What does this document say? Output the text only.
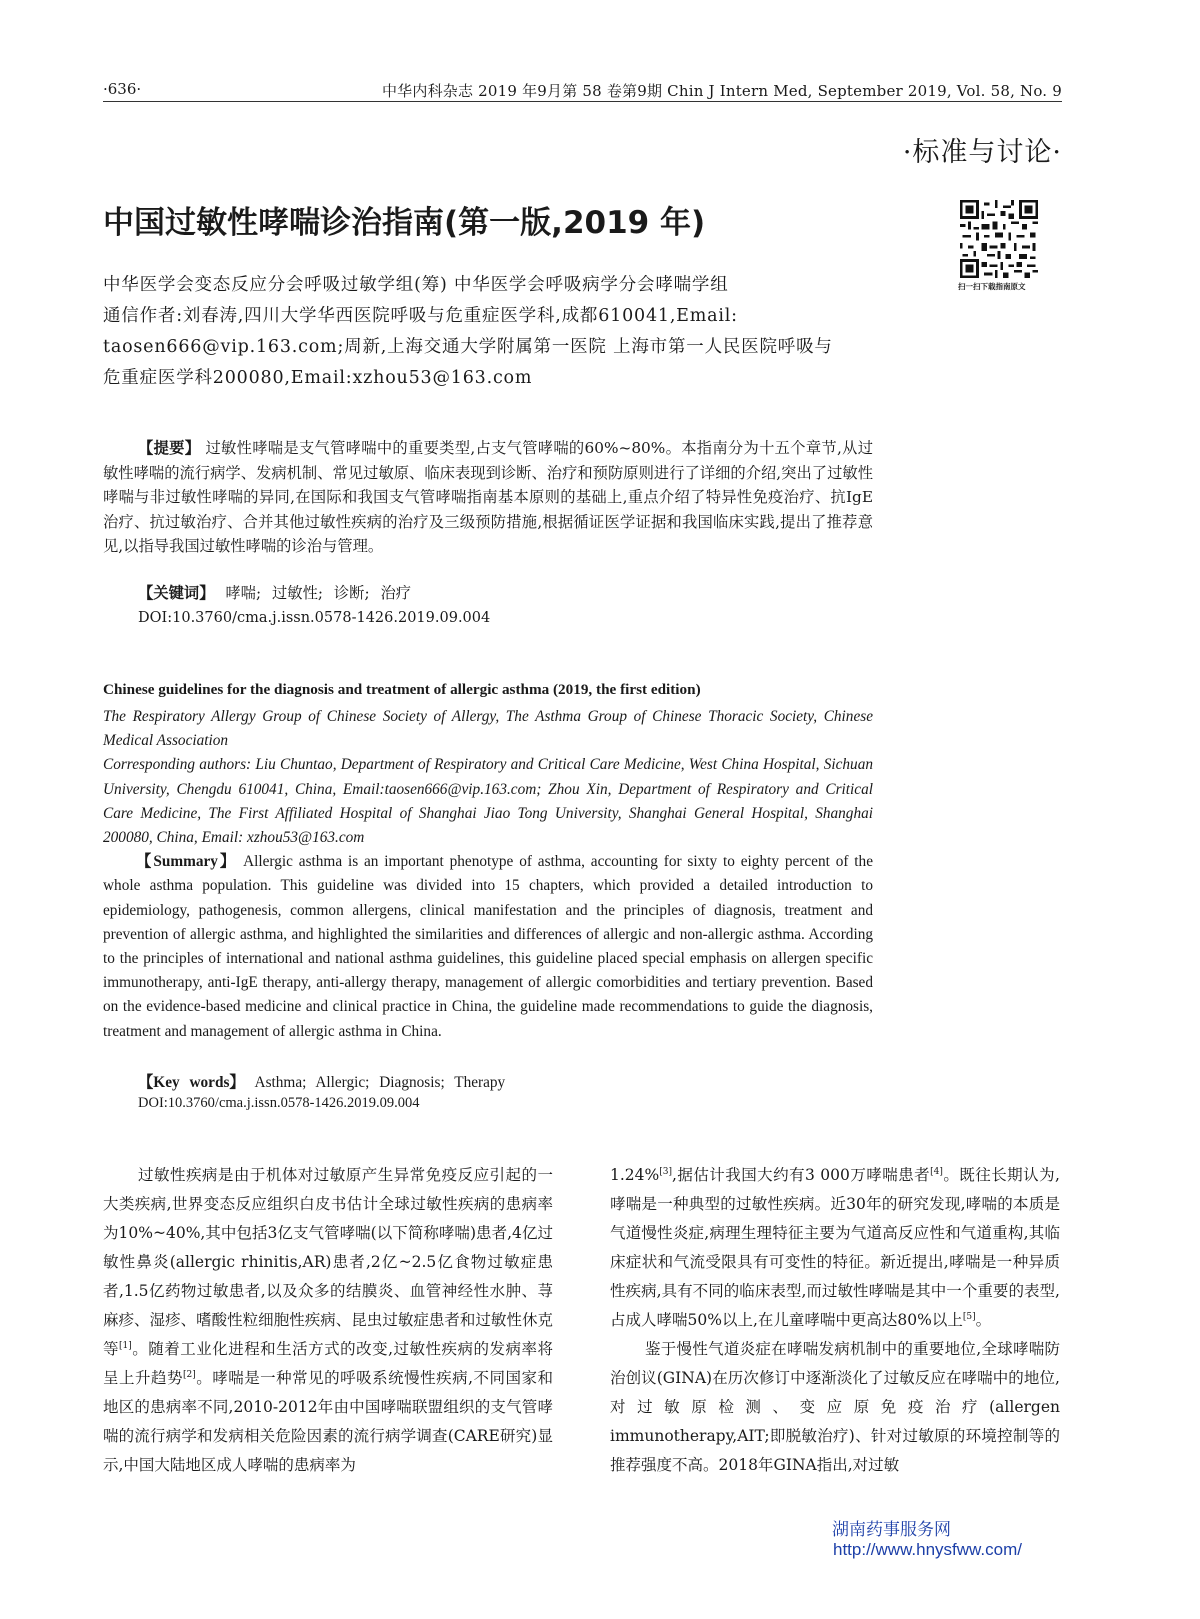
·636·	中华内科杂志 2019 年9月第 58 卷第9期 Chin J Intern Med, September 2019, Vol. 58, No. 9
·标准与讨论·
中国过敏性哮喘诊治指南(第一版,2019 年)
扫一扫下载指南原文
中华医学会变态反应分会呼吸过敏学组(筹) 中华医学会呼吸病学分会哮喘学组
通信作者:刘春涛,四川大学华西医院呼吸与危重症医学科,成都610041,Email:
taosen666@vip.163.com;周新,上海交通大学附属第一医院 上海市第一人民医院呼吸与
危重症医学科200080,Email:xzhou53@163.com
【提要】 过敏性哮喘是支气管哮喘中的重要类型,占支气管哮喘的60%~80%。本指南分为十五个章节,从过敏性哮喘的流行病学、发病机制、常见过敏原、临床表现到诊断、治疗和预防原则进行了详细的介绍,突出了过敏性哮喘与非过敏性哮喘的异同,在国际和我国支气管哮喘指南基本原则的基础上,重点介绍了特异性免疫治疗、抗IgE治疗、抗过敏治疗、合并其他过敏性疾病的治疗及三级预防措施,根据循证医学证据和我国临床实践,提出了推荐意见,以指导我国过敏性哮喘的诊治与管理。
【关键词】 哮喘; 过敏性; 诊断; 治疗
DOI:10.3760/cma.j.issn.0578-1426.2019.09.004
Chinese guidelines for the diagnosis and treatment of allergic asthma (2019, the first edition)
The Respiratory Allergy Group of Chinese Society of Allergy, The Asthma Group of Chinese Thoracic Society, Chinese Medical Association
Corresponding authors: Liu Chuntao, Department of Respiratory and Critical Care Medicine, West China Hospital, Sichuan University, Chengdu 610041, China, Email:taosen666@vip.163.com; Zhou Xin, Department of Respiratory and Critical Care Medicine, The First Affiliated Hospital of Shanghai Jiao Tong University, Shanghai General Hospital, Shanghai 200080, China, Email: xzhou53@163.com
【Summary】 Allergic asthma is an important phenotype of asthma, accounting for sixty to eighty percent of the whole asthma population. This guideline was divided into 15 chapters, which provided a detailed introduction to epidemiology, pathogenesis, common allergens, clinical manifestation and the principles of diagnosis, treatment and prevention of allergic asthma, and highlighted the similarities and differences of allergic and non-allergic asthma. According to the principles of international and national asthma guidelines, this guideline placed special emphasis on allergen specific immunotherapy, anti-IgE therapy, anti-allergy therapy, management of allergic comorbidities and tertiary prevention. Based on the evidence-based medicine and clinical practice in China, the guideline made recommendations to guide the diagnosis, treatment and management of allergic asthma in China.
【Key words】 Asthma; Allergic; Diagnosis; Therapy
DOI:10.3760/cma.j.issn.0578-1426.2019.09.004

过敏性疾病是由于机体对过敏原产生异常免疫反应引起的一大类疾病,世界变态反应组织白皮书估计全球过敏性疾病的患病率为10%~40%,其中包括3亿支气管哮喘(以下简称哮喘)患者,4亿过敏性鼻炎(allergic rhinitis,AR)患者,2亿~2.5亿食物过敏症患者,1.5亿药物过敏患者,以及众多的结膜炎、血管神经性水肿、荨麻疹、湿疹、嗜酸性粒细胞性疾病、昆虫过敏症患者和过敏性休克等[1]。随着工业化进程和生活方式的改变,过敏性疾病的发病率将呈上升趋势[2]。哮喘是一种常见的呼吸系统慢性疾病,不同国家和地区的患病率不同,2010-2012年由中国哮喘联盟组织的支气管哮喘的流行病学和发病相关危险因素的流行病学调查(CARE研究)显示,中国大陆地区成人哮喘的患病率为

1.24%[3],据估计我国大约有3 000万哮喘患者[4]。既往长期认为,哮喘是一种典型的过敏性疾病。近30年的研究发现,哮喘的本质是气道慢性炎症,病理生理特征主要为气道高反应性和气道重构,其临床症状和气流受限具有可变性的特征。新近提出,哮喘是一种异质性疾病,具有不同的临床表型,而过敏性哮喘是其中一个重要的表型,占成人哮喘50%以上,在儿童哮喘中更高达80%以上[5]。

鉴于慢性气道炎症在哮喘发病机制中的重要地位,全球哮喘防治创议(GINA)在历次修订中逐渐淡化了过敏反应在哮喘中的地位,对过敏原检测、变应原免疫治疗(allergen immunotherapy,AIT;即脱敏治疗)、针对过敏原的环境控制等的推荐强度不高。2018年GINA指出,对过敏

湖南药事服务网
http://www.hnysfww.com/
